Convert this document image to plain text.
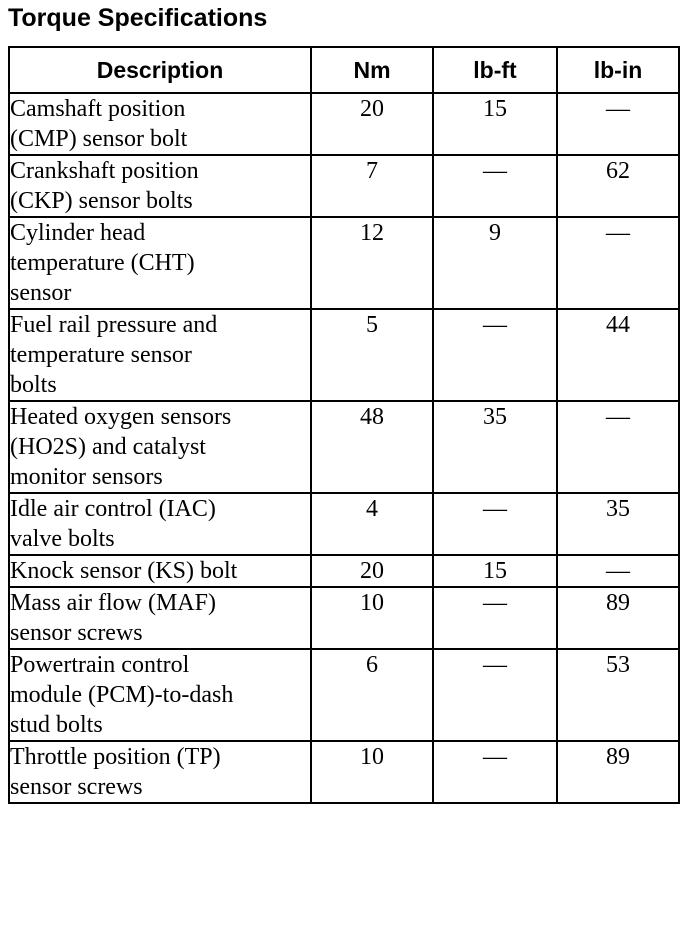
Torque Specifications
Description	Nm	lb-ft	lb-in
Camshaft position
(CMP) sensor bolt	20	15	—
Crankshaft position
(CKP) sensor bolts	7	—	62
Cylinder head
temperature (CHT)
sensor	12	9	—
Fuel rail pressure and
temperature sensor
bolts	5	—	44
Heated oxygen sensors
(HO2S) and catalyst
monitor sensors	48	35	—
Idle air control (IAC)
valve bolts	4	—	35
Knock sensor (KS) bolt	20	15	—
Mass air flow (MAF)
sensor screws	10	—	89
Powertrain control
module (PCM)-to-dash
stud bolts	6	—	53
Throttle position (TP)
sensor screws	10	—	89
